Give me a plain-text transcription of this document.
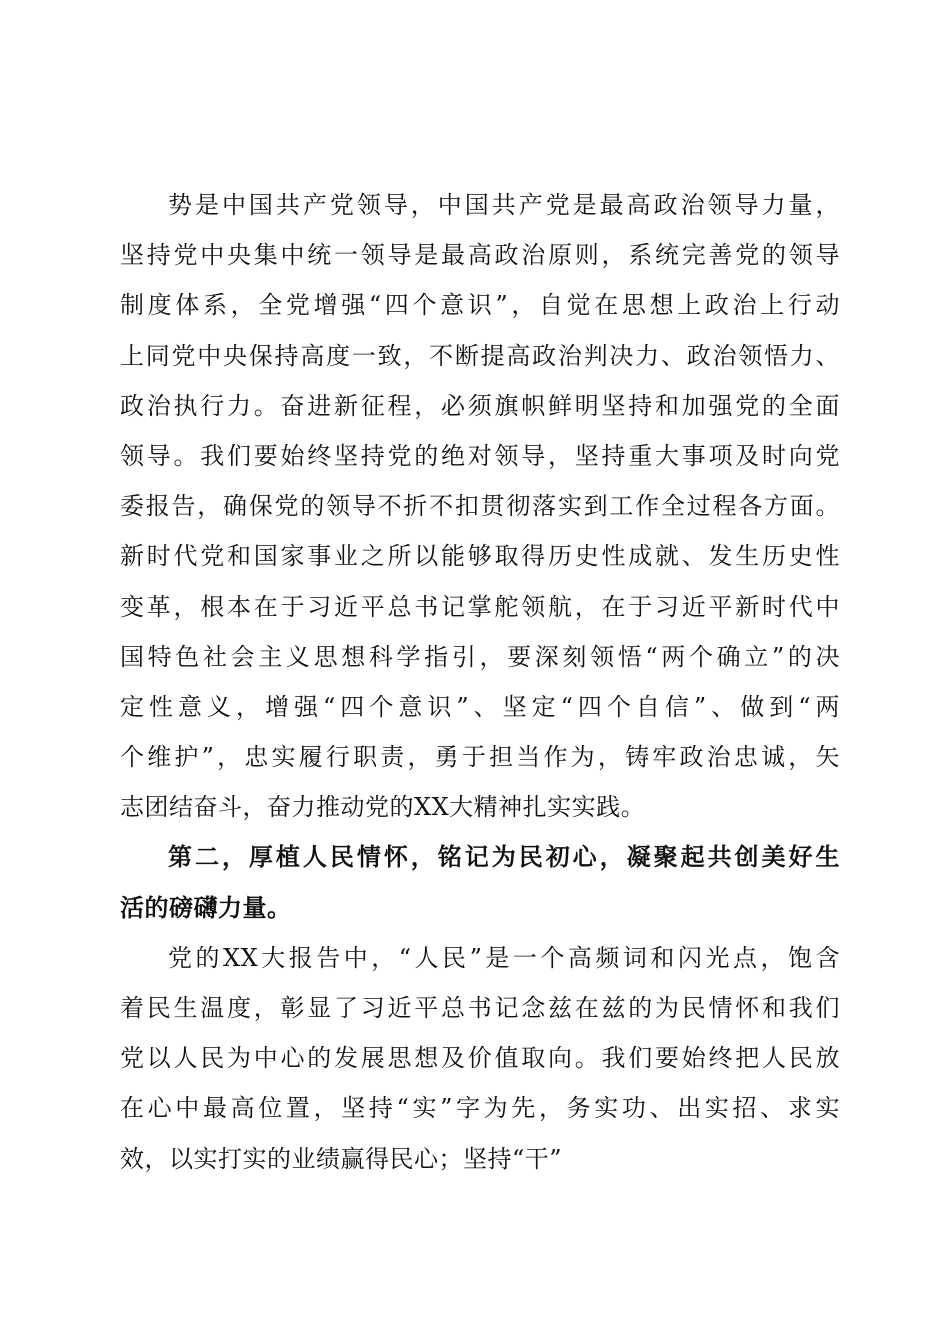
势是中国共产党领导，中国共产党是最高政治领导力量，
坚持党中央集中统一领导是最高政治原则，系统完善党的领导
制度体系，全党增强“四个意识”，自觉在思想上政治上行动
上同党中央保持高度一致，不断提高政治判决力、政治领悟力、
政治执行力。奋进新征程，必须旗帜鲜明坚持和加强党的全面
领导。我们要始终坚持党的绝对领导，坚持重大事项及时向党
委报告，确保党的领导不折不扣贯彻落实到工作全过程各方面。
新时代党和国家事业之所以能够取得历史性成就、发生历史性
变革，根本在于习近平总书记掌舵领航，在于习近平新时代中
国特色社会主义思想科学指引，要深刻领悟“两个确立”的决
定性意义，增强“四个意识”、坚定“四个自信”、做到“两
个维护”，忠实履行职责，勇于担当作为，铸牢政治忠诚，矢
志团结奋斗，奋力推动党的XX大精神扎实实践。
第二，厚植人民情怀，铭记为民初心，凝聚起共创美好生
活的磅礴力量。
党的XX大报告中，“人民”是一个高频词和闪光点，饱含
着民生温度，彰显了习近平总书记念兹在兹的为民情怀和我们
党以人民为中心的发展思想及价值取向。我们要始终把人民放
在心中最高位置，坚持“实”字为先，务实功、出实招、求实
效，以实打实的业绩赢得民心；坚持“干”
